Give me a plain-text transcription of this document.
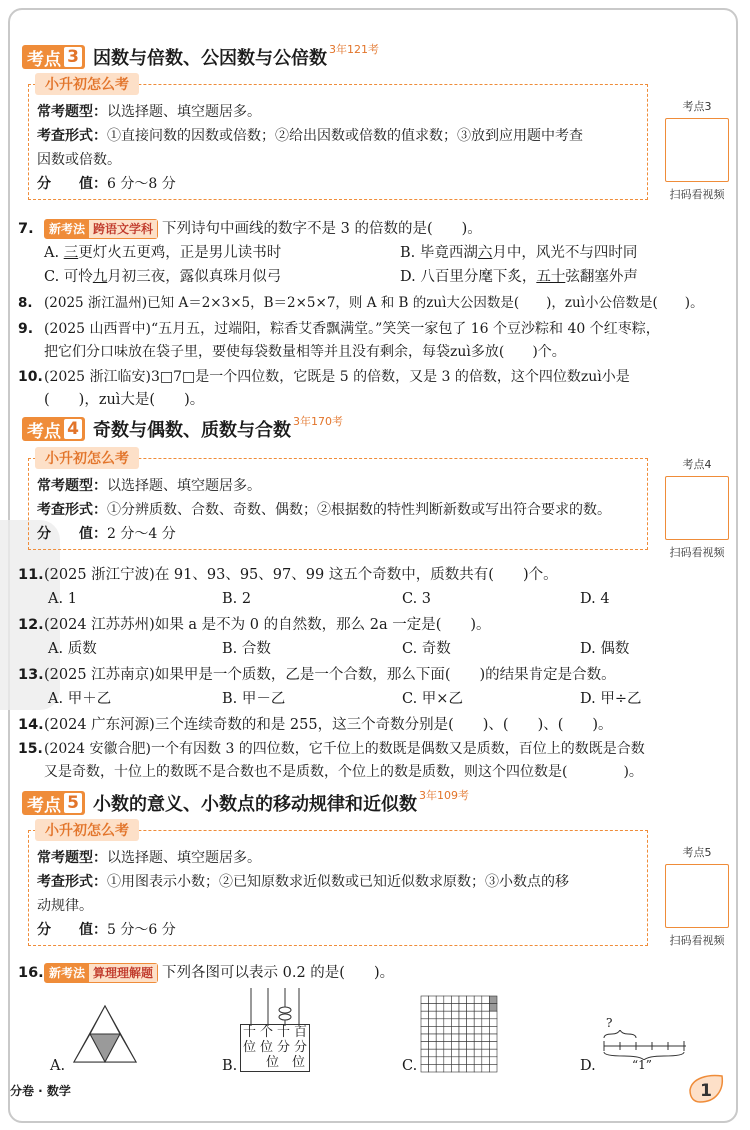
考点 3 因数与倍数、公因数与公倍数 3年121考
小升初怎么考
常考题型：以选择题、填空题居多。
考查形式：①直接问数的因数或倍数；②给出因数或倍数的值求数；③放到应用题中考查
因数或倍数。
分　　值：6 分～8 分
考点3
扫码看视频
7.	新考法 跨语文学科 下列诗句中画线的数字不是 3 的倍数的是(　　)。
A. 三更灯火五更鸡，正是男儿读书时	B. 毕竟西湖六月中，风光不与四时同
C. 可怜九月初三夜，露似真珠月似弓	D. 八百里分麾下炙，五十弦翻塞外声
8. (2025 浙江温州)已知 A＝2×3×5，B＝2×5×7，则 A 和 B 的zuì大公因数是(　　)，zuì小公倍数是(　　)。
9. (2025 山西晋中)“五月五，过端阳，粽香艾香飘满堂。”笑笑一家包了 16 个豆沙粽和 40 个红枣粽，
把它们分口味放在袋子里，要使每袋数量相等并且没有剩余，每袋zuì多放(　　)个。
10.(2025 浙江临安)3□7□是一个四位数，它既是 5 的倍数，又是 3 的倍数，这个四位数zuì小是
(　　)，zuì大是(　　)。
考点 4 奇数与偶数、质数与合数 3年170考
小升初怎么考
常考题型：以选择题、填空题居多。
考查形式：①分辨质数、合数、奇数、偶数；②根据数的特性判断新数或写出符合要求的数。
分　　值：2 分～4 分
考点4
扫码看视频
11.(2025 浙江宁波)在 91、93、95、97、99 这五个奇数中，质数共有(　　)个。
A. 1	B. 2	C. 3	D. 4
12.(2024 江苏苏州)如果 a 是不为 0 的自然数，那么 2a 一定是(　　)。
A. 质数	B. 合数	C. 奇数	D. 偶数
13.(2025 江苏南京)如果甲是一个质数，乙是一个合数，那么下面(　　)的结果肯定是合数。
A. 甲＋乙	B. 甲－乙	C. 甲×乙	D. 甲÷乙
14.(2024 广东河源)三个连续奇数的和是 255，这三个奇数分别是(　　)、(　　)、(　　)。
15.(2024 安徽合肥)一个有因数 3 的四位数，它千位上的数既是偶数又是质数，百位上的数既是合数
又是奇数，十位上的数既不是合数也不是质数，个位上的数是质数，则这个四位数是(　　　　)。
考点 5 小数的意义、小数点的移动规律和近似数 3年109考
小升初怎么考
常考题型：以选择题、填空题居多。
考查形式：①用图表示小数；②已知原数求近似数或已知近似数求原数；③小数点的移
动规律。
分　　值：5 分～6 分
考点5
扫码看视频
16. 新考法 算理理解题 下列各图可以表示 0.2 的是(　　)。
A.	B.
十 个 十 百
位 位 分 分
位　位	C.	D.
?
“1”
分卷 · 数学	1
